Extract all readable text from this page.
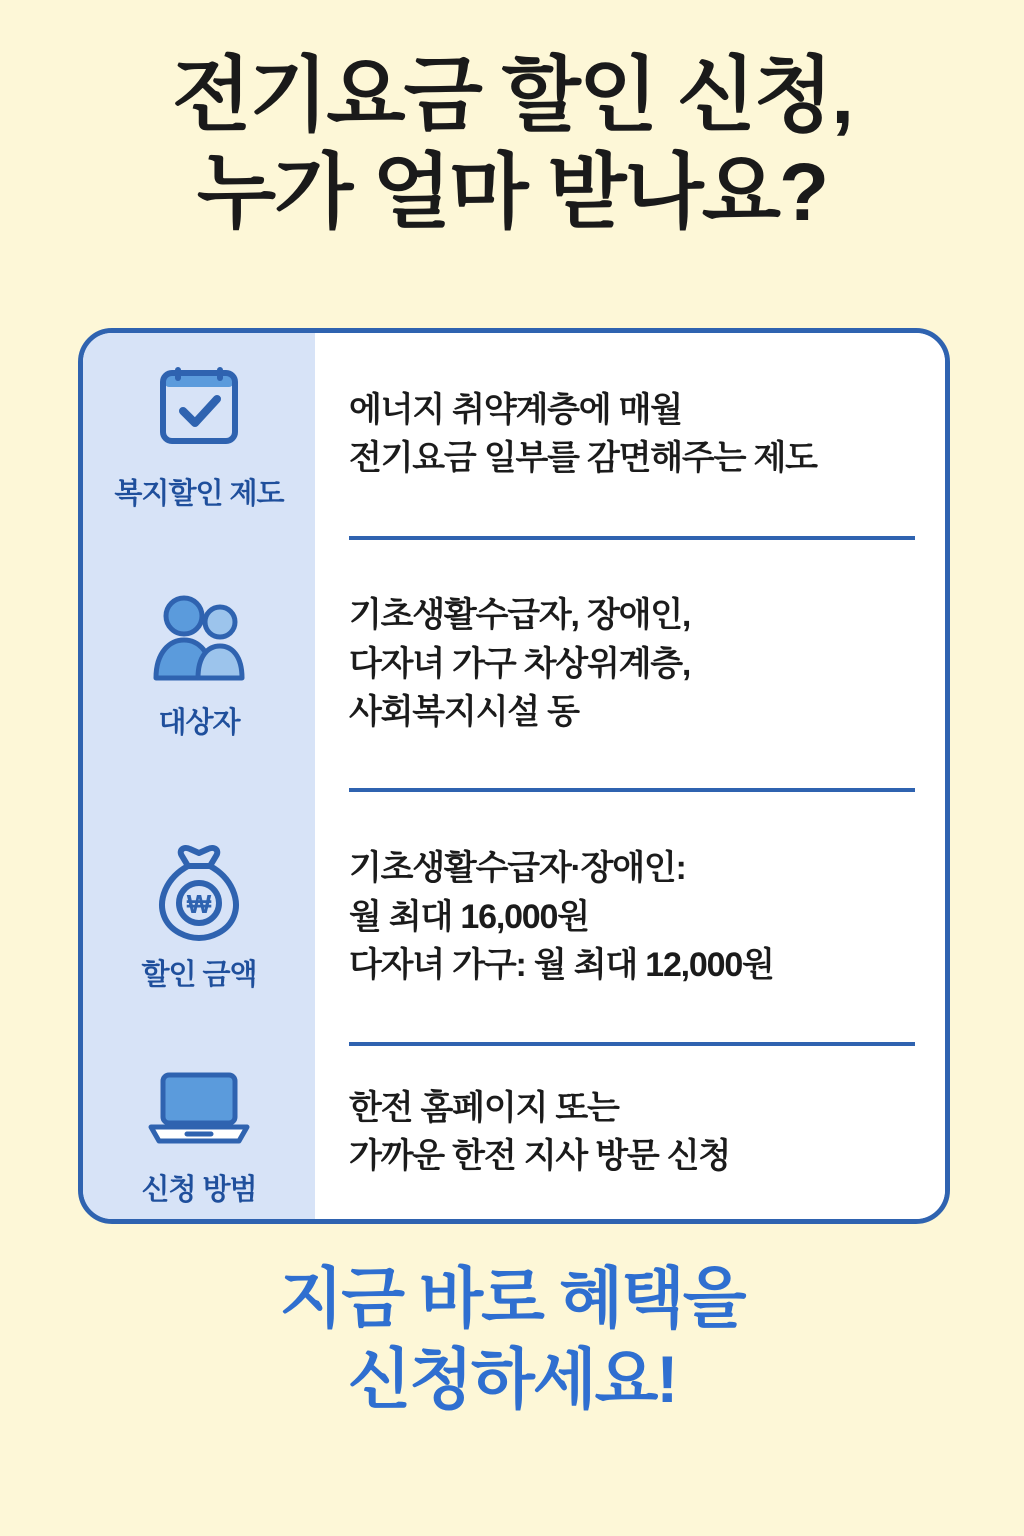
전기요금 할인 신청,
누가 얼마 받나요?
복지할인 제도
대상자
₩
할인 금액
신청 방범
에너지 취약계층에 매월
전기요금 일부를 감면해주는 제도
기초생활수급자, 장애인,
다자녀 가구 차상위계층,
사회복지시설 동
기초생활수급자·장애인:
월 최대 16,000원
다자녀 가구: 월 최대 12,000원
한전 홈페이지 또는
가까운 한전 지사 방문 신청
지금 바로 혜택을
신청하세요!
